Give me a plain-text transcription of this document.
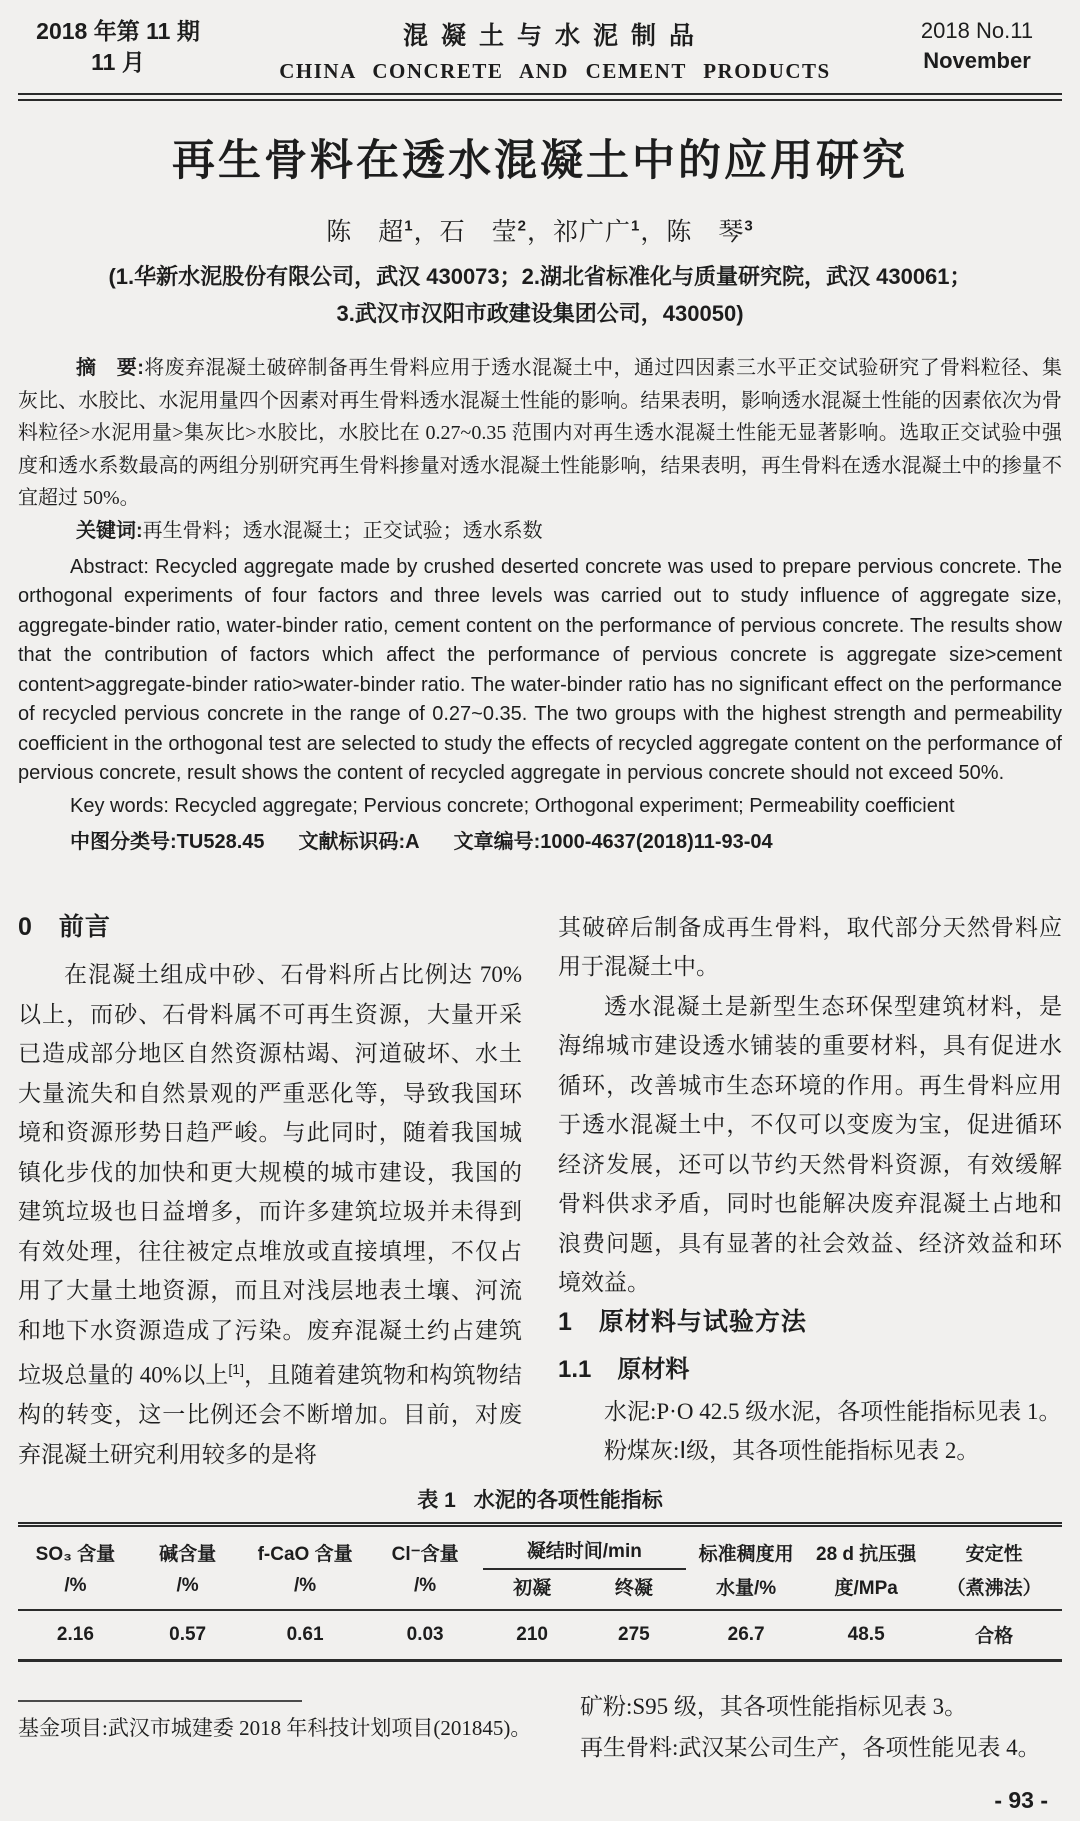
2018 年第 11 期
11 月
混凝土与水泥制品
CHINA CONCRETE AND CEMENT PRODUCTS
2018 No.11
November
再生骨料在透水混凝土中的应用研究
陈　超$^1$，石　莹$^2$，祁广广$^1$，陈　琴$^3$
(1.华新水泥股份有限公司，武汉 430073；2.湖北省标准化与质量研究院，武汉 430061；
3.武汉市汉阳市政建设集团公司，430050)

摘　要:将废弃混凝土破碎制备再生骨料应用于透水混凝土中，通过四因素三水平正交试验研究了骨料粒径、集灰比、水胶比、水泥用量四个因素对再生骨料透水混凝土性能的影响。结果表明，影响透水混凝土性能的因素依次为骨料粒径>水泥用量>集灰比>水胶比，水胶比在 0.27~0.35 范围内对再生透水混凝土性能无显著影响。选取正交试验中强度和透水系数最高的两组分别研究再生骨料掺量对透水混凝土性能影响，结果表明，再生骨料在透水混凝土中的掺量不宜超过 50%。

关键词:再生骨料；透水混凝土；正交试验；透水系数

Abstract: Recycled aggregate made by crushed deserted concrete was used to prepare pervious concrete. The orthogonal experiments of four factors and three levels was carried out to study influence of aggregate size, aggregate-binder ratio, water-binder ratio, cement content on the performance of pervious concrete. The results show that the contribution of factors which affect the performance of pervious concrete is aggregate size>cement content>aggregate-binder ratio>water-binder ratio. The water-binder ratio has no significant effect on the performance of recycled pervious concrete in the range of 0.27~0.35. The two groups with the highest strength and permeability coefficient in the orthogonal test are selected to study the effects of recycled aggregate content on the performance of pervious concrete, result shows the content of recycled aggregate in pervious concrete should not exceed 50%.

Key words: Recycled aggregate; Pervious concrete; Orthogonal experiment; Permeability coefficient

中图分类号:TU528.45 文献标识码:A 文章编号:1000-4637(2018)11-93-04

0 前言

在混凝土组成中砂、石骨料所占比例达 70%以上，而砂、石骨料属不可再生资源，大量开采已造成部分地区自然资源枯竭、河道破坏、水土大量流失和自然景观的严重恶化等，导致我国环境和资源形势日趋严峻。与此同时，随着我国城镇化步伐的加快和更大规模的城市建设，我国的建筑垃圾也日益增多，而许多建筑垃圾并未得到有效处理，往往被定点堆放或直接填埋，不仅占用了大量土地资源，而且对浅层地表土壤、河流和地下水资源造成了污染。废弃混凝土约占建筑垃圾总量的 40%以上[1]，且随着建筑物和构筑物结构的转变，这一比例还会不断增加。目前，对废弃混凝土研究利用较多的是将

其破碎后制备成再生骨料，取代部分天然骨料应用于混凝土中。

透水混凝土是新型生态环保型建筑材料，是海绵城市建设透水铺装的重要材料，具有促进水循环，改善城市生态环境的作用。再生骨料应用于透水混凝土中，不仅可以变废为宝，促进循环经济发展，还可以节约天然骨料资源，有效缓解骨料供求矛盾，同时也能解决废弃混凝土占地和浪费问题，具有显著的社会效益、经济效益和环境效益。

1 原材料与试验方法
1.1 原材料

水泥:P·O 42.5 级水泥，各项性能指标见表 1。

粉煤灰:Ⅰ级，其各项性能指标见表 2。

表 1 水泥的各项性能指标
SO₃ 含量	碱含量	f-CaO 含量	Cl⁻含量	凝结时间/min		标准稠度用	28 d 抗压强	安定性
/%	/%	/%	/%	初凝	终凝	水量/%	度/MPa	（煮沸法）
2.16	0.57	0.61	0.03	210	275	26.7	48.5	合格

基金项目:武汉市城建委 2018 年科技计划项目(201845)。

矿粉:S95 级，其各项性能指标见表 3。

再生骨料:武汉某公司生产，各项性能见表 4。

- 93 -
